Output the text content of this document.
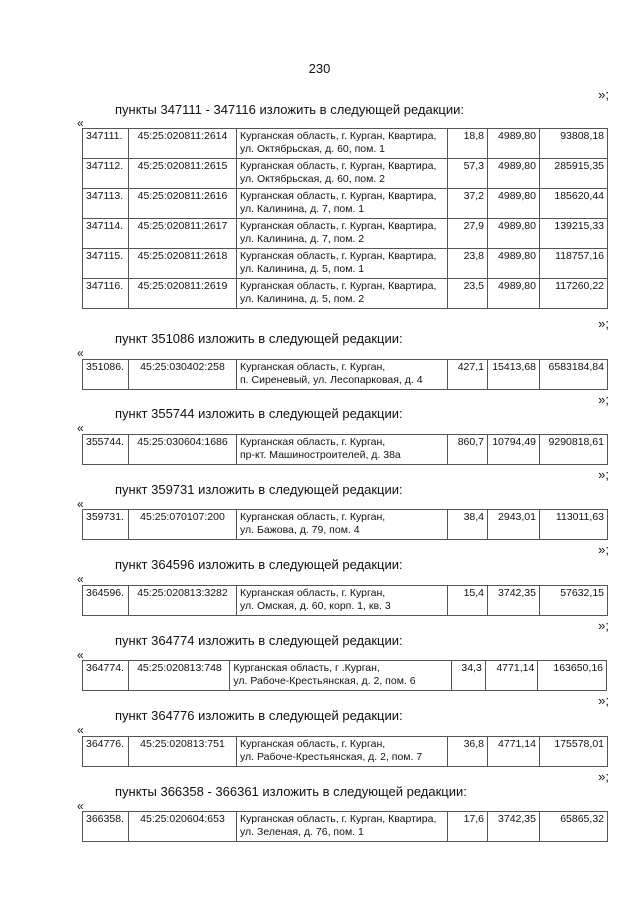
230
»;
пункты 347111 - 347116 изложить в следующей редакции:
«
347111.	45:25:020811:2614	Курганская область, г. Курган, Квартира,
ул. Октябрьская, д. 60, пом. 1	18,8	4989,80	93808,18
347112.	45:25:020811:2615	Курганская область, г. Курган, Квартира,
ул. Октябрьская, д. 60, пом. 2	57,3	4989,80	285915,35
347113.	45:25:020811:2616	Курганская область, г. Курган, Квартира,
ул. Калинина, д. 7, пом. 1	37,2	4989,80	185620,44
347114.	45:25:020811:2617	Курганская область, г. Курган, Квартира,
ул. Калинина, д. 7, пом. 2	27,9	4989,80	139215,33
347115.	45:25:020811:2618	Курганская область, г. Курган, Квартира,
ул. Калинина, д. 5, пом. 1	23,8	4989,80	118757,16
347116.	45:25:020811:2619	Курганская область, г. Курган, Квартира,
ул. Калинина, д. 5, пом. 2	23,5	4989,80	117260,22
»;
пункт 351086 изложить в следующей редакции:
«
351086.	45:25:030402:258	Курганская область, г. Курган,
п. Сиреневый, ул. Лесопарковая, д. 4
	427,1	15413,68	6583184,84
»;
пункт 355744 изложить в следующей редакции:
«
355744.	45:25:030604:1686	Курганская область, г. Курган,
пр-кт. Машиностроителей, д. 38а
	860,7	10794,49	9290818,61
»;
пункт 359731 изложить в следующей редакции:
«
359731.	45:25:070107:200	Курганская область, г. Курган,
ул. Бажова, д. 79, пом. 4
	38,4	2943,01	113011,63
»;
пункт 364596 изложить в следующей редакции:
«
364596.	45:25:020813:3282	Курганская область, г. Курган,
ул. Омская, д. 60, корп. 1, кв. 3
	15,4	3742,35	57632,15
»;
пункт 364774 изложить в следующей редакции:
«
364774.	45:25:020813:748	Курганская область, г .Курган,
ул. Рабоче-Крестьянская, д. 2, пом. 6
	34,3	4771,14	163650,16
»;
пункт 364776 изложить в следующей редакции:
«
364776.	45:25:020813:751	Курганская область, г. Курган,
ул. Рабоче-Крестьянская, д. 2, пом. 7
	36,8	4771,14	175578,01
»;
пункты 366358 - 366361 изложить в следующей редакции:
«
366358.	45:25:020604:653	Курганская область, г. Курган, Квартира,
ул. Зеленая, д. 76, пом. 1
	17,6	3742,35	65865,32
